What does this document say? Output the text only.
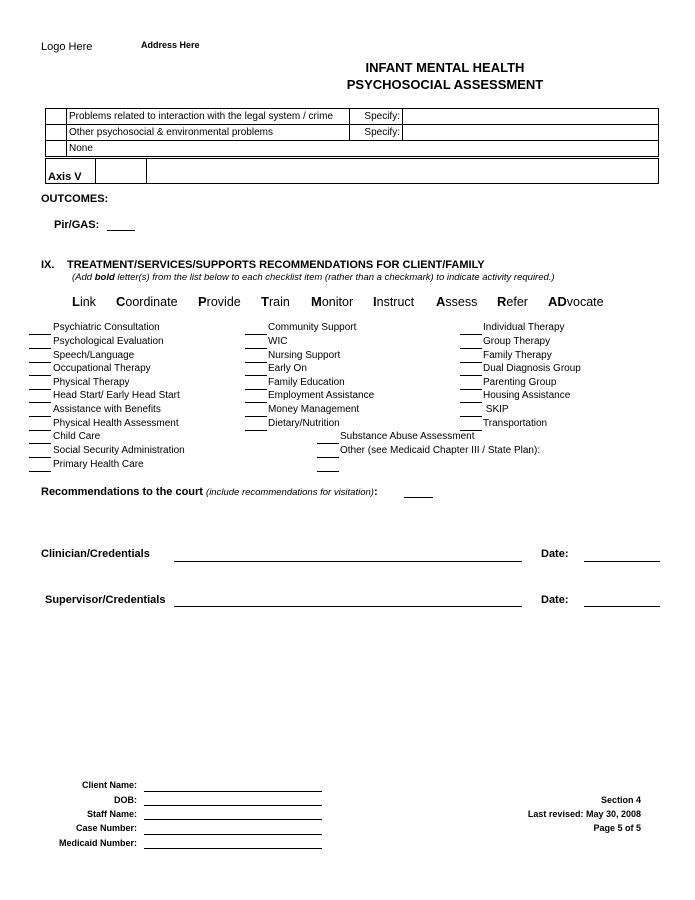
Logo Here	Address Here
INFANT MENTAL HEALTH
PSYCHOSOCIAL ASSESSMENT
	Problems related to interaction with the legal system / crime	Specify:	
	Other psychosocial & environmental problems	Specify:	
	None		
Axis V		
OUTCOMES:
Pir/GAS:
IX. TREATMENT/SERVICES/SUPPORTS RECOMMENDATIONS FOR CLIENT/FAMILY
(Add bold letter(s) from the list below to each checklist item (rather than a checkmark) to indicate activity required.)
Link Coordinate Provide Train Monitor Instruct Assess Refer ADvocate
Psychiatric Consultation
Psychological Evaluation
Speech/Language
Occupational Therapy
Physical Therapy
Head Start/ Early Head Start
Assistance with Benefits
Physical Health Assessment
Child Care
Social Security Administration
Primary Health Care
Community Support
WIC
Nursing Support
Early On
Family Education
Employment Assistance
Money Management
Dietary/Nutrition
Substance Abuse Assessment
Other (see Medicaid Chapter III / State Plan):
Individual Therapy
Group Therapy
Family Therapy
Dual Diagnosis Group
Parenting Group
Housing Assistance
SKIP
Transportation
Recommendations to the court (include recommendations for visitation):
Clinician/Credentials	Date:
Supervisor/Credentials	Date:
Client Name:
DOB:
Staff Name:
Case Number:
Medicaid Number:
Section 4
Last revised: May 30, 2008
Page 5 of 5
